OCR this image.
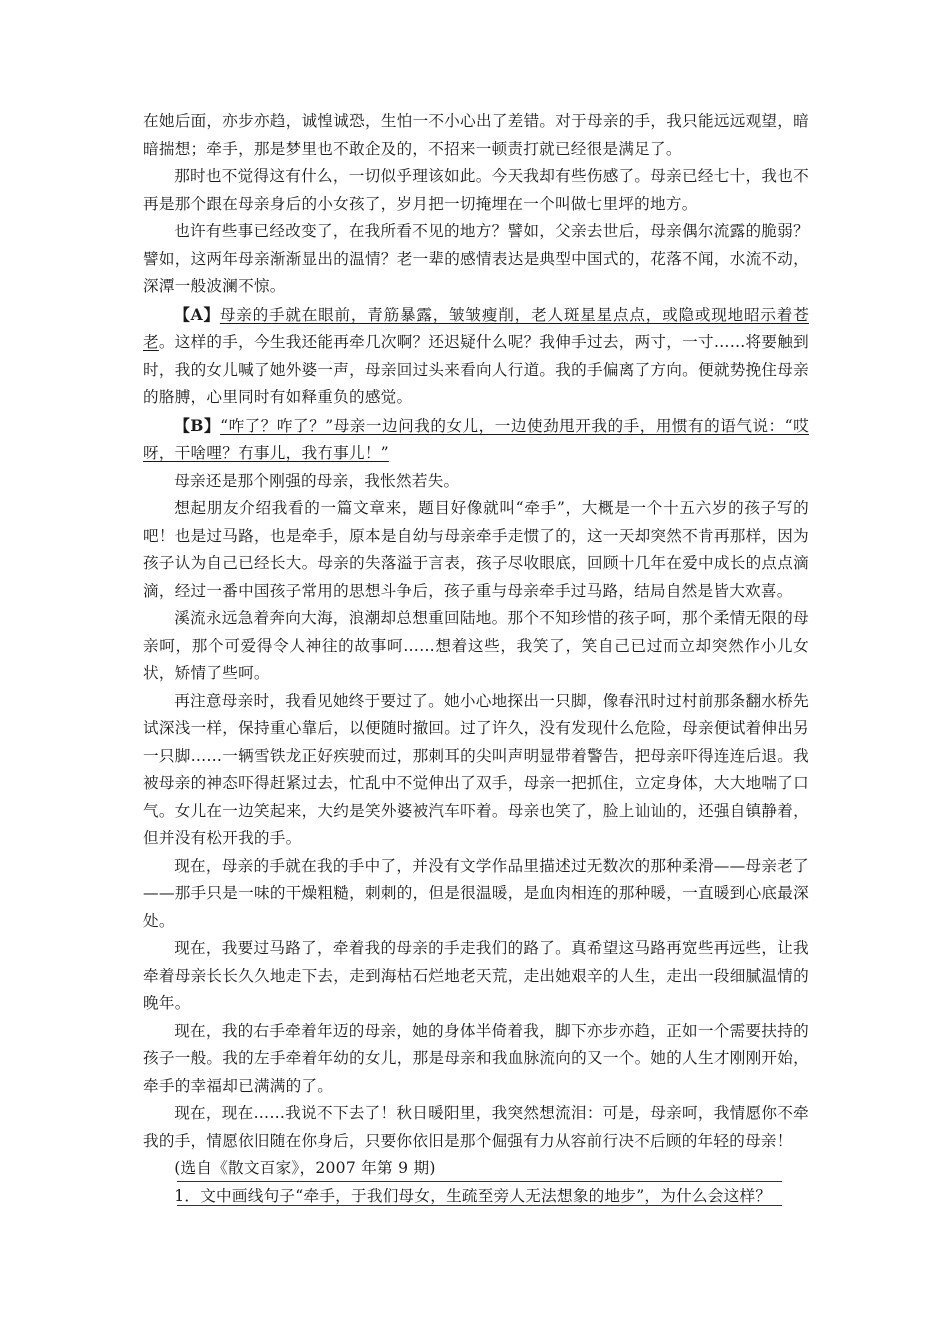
在她后面，亦步亦趋，诚惶诚恐，生怕一不小心出了差错。对于母亲的手，我只能远远观望，暗暗揣想；牵手，那是梦里也不敢企及的，不招来一顿责打就已经很是满足了。

那时也不觉得这有什么，一切似乎理该如此。今天我却有些伤感了。母亲已经七十，我也不再是那个跟在母亲身后的小女孩了，岁月把一切掩埋在一个叫做七里坪的地方。

也许有些事已经改变了，在我所看不见的地方？譬如，父亲去世后，母亲偶尔流露的脆弱？譬如，这两年母亲渐渐显出的温情？老一辈的感情表达是典型中国式的，花落不闻，水流不动，深潭一般波澜不惊。

【A】母亲的手就在眼前，青筋暴露，皱皱瘦削，老人斑星星点点，或隐或现地昭示着苍老。这样的手，今生我还能再牵几次啊？还迟疑什么呢？我伸手过去，两寸，一寸……将要触到时，我的女儿喊了她外婆一声，母亲回过头来看向人行道。我的手偏离了方向。便就势挽住母亲的胳膊，心里同时有如释重负的感觉。

【B】“咋了？咋了？”母亲一边问我的女儿，一边使劲甩开我的手，用惯有的语气说：“哎呀，干啥哩？冇事儿，我冇事儿！”

母亲还是那个刚强的母亲，我怅然若失。

想起朋友介绍我看的一篇文章来，题目好像就叫“牵手”，大概是一个十五六岁的孩子写的吧！也是过马路，也是牵手，原本是自幼与母亲牵手走惯了的，这一天却突然不肯再那样，因为孩子认为自己已经长大。母亲的失落溢于言表，孩子尽收眼底，回顾十几年在爱中成长的点点滴滴，经过一番中国孩子常用的思想斗争后，孩子重与母亲牵手过马路，结局自然是皆大欢喜。

溪流永远急着奔向大海，浪潮却总想重回陆地。那个不知珍惜的孩子呵，那个柔情无限的母亲呵，那个可爱得令人神往的故事呵……想着这些，我笑了，笑自己已过而立却突然作小儿女状，矫情了些呵。

再注意母亲时，我看见她终于要过了。她小心地探出一只脚，像春汛时过村前那条翻水桥先试深浅一样，保持重心靠后，以便随时撤回。过了许久，没有发现什么危险，母亲便试着伸出另一只脚……一辆雪铁龙正好疾驶而过，那刺耳的尖叫声明显带着警告，把母亲吓得连连后退。我被母亲的神态吓得赶紧过去，忙乱中不觉伸出了双手，母亲一把抓住，立定身体，大大地喘了口气。女儿在一边笑起来，大约是笑外婆被汽车吓着。母亲也笑了，脸上讪讪的，还强自镇静着，但并没有松开我的手。

现在，母亲的手就在我的手中了，并没有文学作品里描述过无数次的那种柔滑——母亲老了——那手只是一味的干燥粗糙，刺刺的，但是很温暖，是血肉相连的那种暖，一直暖到心底最深处。

现在，我要过马路了，牵着我的母亲的手走我们的路了。真希望这马路再宽些再远些，让我牵着母亲长长久久地走下去，走到海枯石烂地老天荒，走出她艰辛的人生，走出一段细腻温情的晚年。

现在，我的右手牵着年迈的母亲，她的身体半倚着我，脚下亦步亦趋，正如一个需要扶持的孩子一般。我的左手牵着年幼的女儿，那是母亲和我血脉流向的又一个。她的人生才刚刚开始，牵手的幸福却已满满的了。

现在，现在……我说不下去了！秋日暖阳里，我突然想流泪：可是，母亲呵，我情愿你不牵我的手，情愿依旧随在你身后，只要你依旧是那个倔强有力从容前行决不后顾的年轻的母亲！

(选自《散文百家》，2007 年第 9 期)

1．文中画线句子“牵手，于我们母女，生疏至旁人无法想象的地步”，为什么会这样？
